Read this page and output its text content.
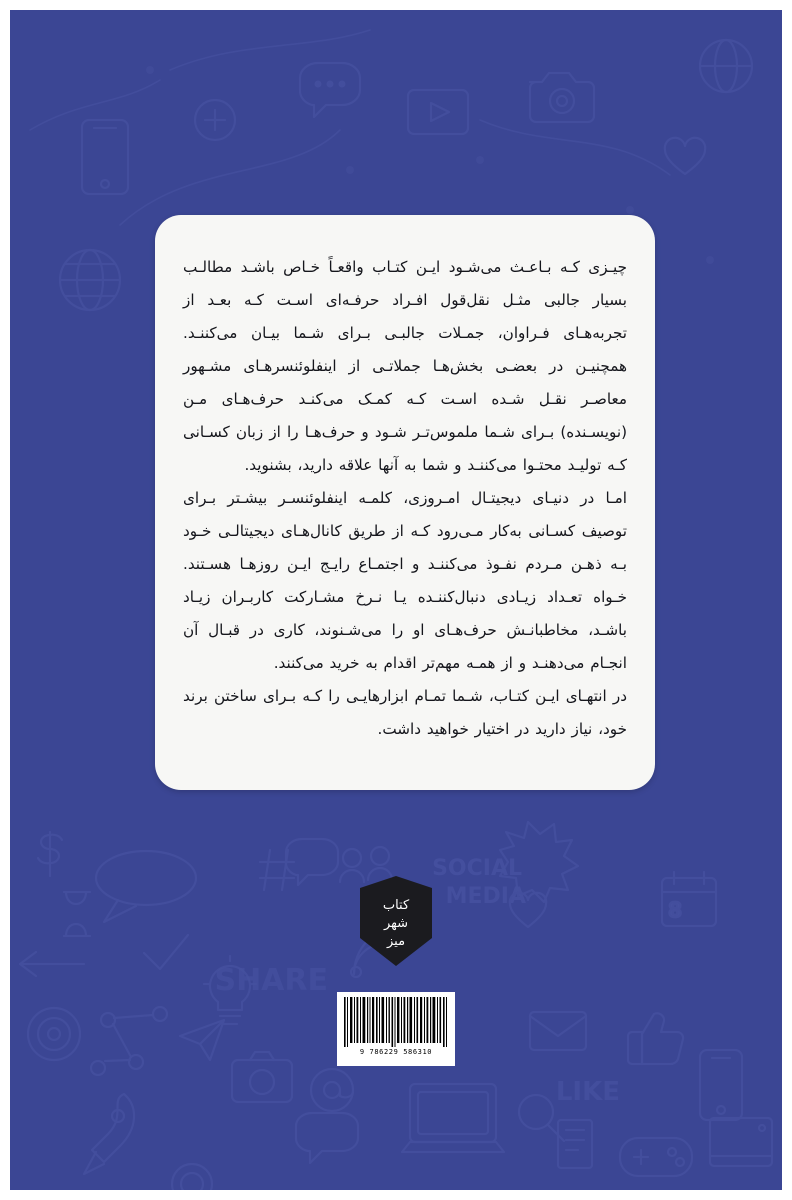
SHARE
SOCIAL
MEDIA
8
LIKE

چیـزی کـه بـاعـث می‌شـود ایـن کتـاب واقعـاً خـاص باشـد مطالـب بسیار جالبی مثـل نقل‌قول افـراد حرفـه‌ای اسـت کـه بعـد از تجربه‌هـای فـراوان، جمـلات جالبـی بـرای شـما بیـان می‌کننـد. همچنیـن در بعضـی بخش‌هـا جملاتـی از اینفلوئنسرهـای مشـهور معاصـر نقـل شـده اسـت کـه کمـک می‌کنـد حرف‌هـای مـن (نویسـنده) بـرای شـما ملموس‌تـر شـود و حرف‌هـا را از زبان کسـانی کـه تولیـد محتـوا می‌کننـد و شما به آنها علاقه دارید، بشنوید.

امـا در دنیـای دیجیتـال امـروزی، کلمـه اینفلوئنسـر بیشـتر بـرای توصیف کسـانی به‌کار مـی‌رود کـه از طریق کانال‌هـای دیجیتالـی خـود بـه ذهـن مـردم نفـوذ می‌کننـد و اجتمـاع رایـج ایـن روزهـا هسـتند. خـواه تعـداد زیـادی دنبال‌کننـده یـا نـرخ مشـارکت کاربـران زیـاد باشـد، مخاطبانـش حرف‌هـای او را می‌شـنوند، کاری در قبـال آن انجـام می‌دهنـد و از همـه مهم‌تر اقدام به خرید می‌کنند.

در انتهـای ایـن کتـاب، شـما تمـام ابزارهایـی را کـه بـرای ساختن برند خود، نیاز دارید در اختیار خواهید داشت.

کتاب
شهر
میز
9 786229 586310
